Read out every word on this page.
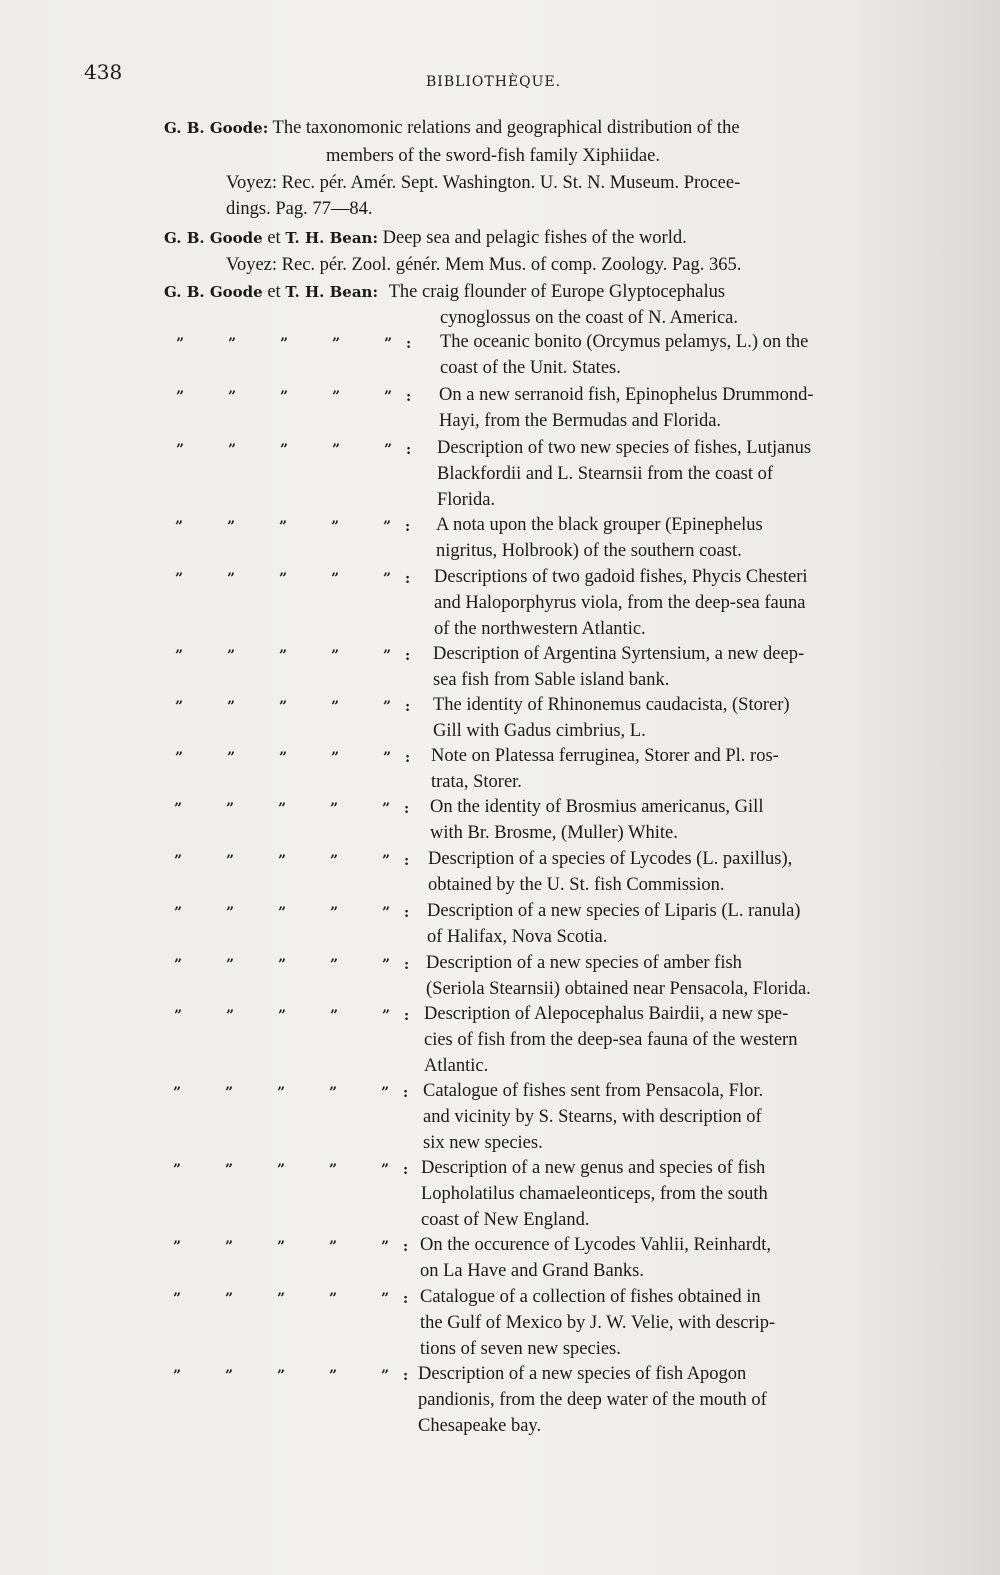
438	BIBLIOTHÈQUE.
G. B. Goode: The taxonomonic relations and geographical distribution of the
members of the sword-fish family Xiphiidae.
Voyez: Rec. pér. Amér. Sept. Washington. U. St. N. Museum. Procee-
dings. Pag. 77—84.
G. B. Goode et T. H. Bean: Deep sea and pelagic fishes of the world.
Voyez: Rec. pér. Zool. génér. Mem Mus. of comp. Zoology. Pag. 365.
G. B. Goode et T. H. Bean: The craig flounder of Europe Glyptocephalus
cynoglossus on the coast of N. America.
”	”	”	”	” :	The oceanic bonito (Orcymus pelamys, L.) on the
coast of the Unit. States.
”	”	”	”	” :	On a new serranoid fish, Epinophelus Drummond-
Hayi, from the Bermudas and Florida.
”	”	”	”	” :	Description of two new species of fishes, Lutjanus
Blackfordii and L. Stearnsii from the coast of
Florida.
”	”	”	”	” :	A nota upon the black grouper (Epinephelus
nigritus, Holbrook) of the southern coast.
”	”	”	”	” :	Descriptions of two gadoid fishes, Phycis Chesteri
and Haloporphyrus viola, from the deep-sea fauna
of the northwestern Atlantic.
”	”	”	”	” :	Description of Argentina Syrtensium, a new deep-
sea fish from Sable island bank.
”	”	”	”	” :	The identity of Rhinonemus caudacista, (Storer)
Gill with Gadus cimbrius, L.
”	”	”	”	” :	Note on Platessa ferruginea, Storer and Pl. ros-
trata, Storer.
”	”	”	”	” :	On the identity of Brosmius americanus, Gill
with Br. Brosme, (Muller) White.
”	”	”	”	” :	Description of a species of Lycodes (L. paxillus),
obtained by the U. St. fish Commission.
”	”	”	”	” : Description of a new species of Liparis (L. ranula)
of Halifax, Nova Scotia.
”	”	”	”	” : Description of a new species of amber fish
(Seriola Stearnsii) obtained near Pensacola, Florida.
”	”	”	”	” : Description of Alepocephalus Bairdii, a new spe-
cies of fish from the deep-sea fauna of the western
Atlantic.
”	”	”	”	” : Catalogue of fishes sent from Pensacola, Flor.
and vicinity by S. Stearns, with description of
six new species.
”	”	”	”	” : Description of a new genus and species of fish
Lopholatilus chamaeleonticeps, from the south
coast of New England.
”	”	”	”	” : On the occurence of Lycodes Vahlii, Reinhardt,
on La Have and Grand Banks.
”	”	”	”	” : Catalogue of a collection of fishes obtained in
the Gulf of Mexico by J. W. Velie, with descrip-
tions of seven new species.
”	”	”	”	” : Description of a new species of fish Apogon
pandionis, from the deep water of the mouth of
Chesapeake bay.
